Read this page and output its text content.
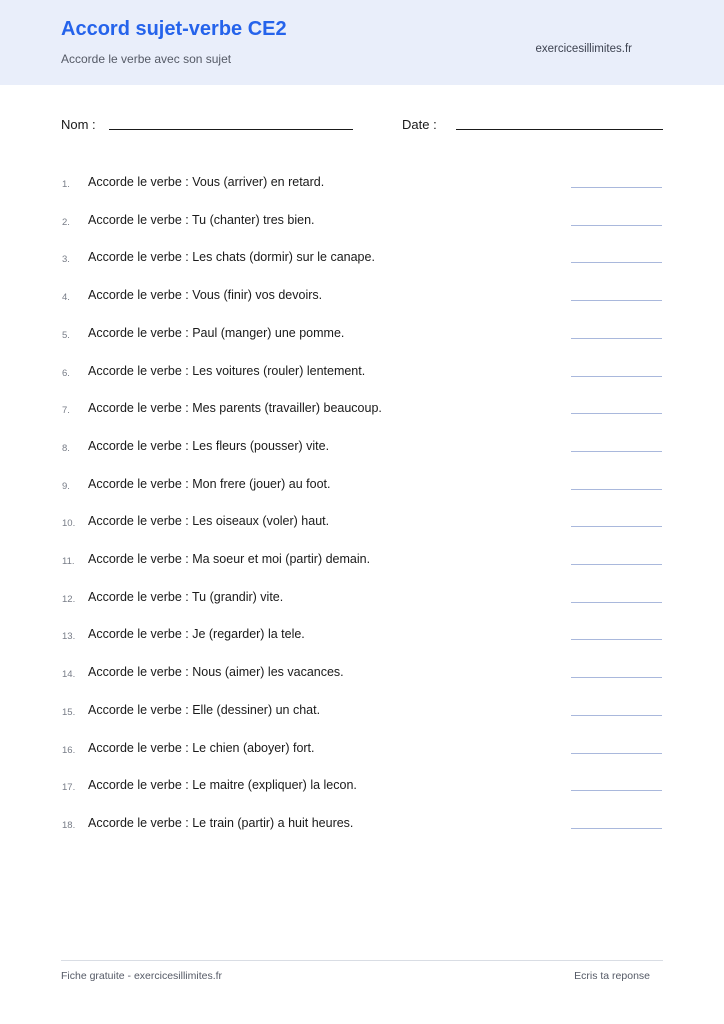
Accord sujet-verbe CE2
Accorde le verbe avec son sujet
exercicesillimites.fr
Nom :	Date :
1. Accorde le verbe : Vous (arriver) en retard.
2. Accorde le verbe : Tu (chanter) tres bien.
3. Accorde le verbe : Les chats (dormir) sur le canape.
4. Accorde le verbe : Vous (finir) vos devoirs.
5. Accorde le verbe : Paul (manger) une pomme.
6. Accorde le verbe : Les voitures (rouler) lentement.
7. Accorde le verbe : Mes parents (travailler) beaucoup.
8. Accorde le verbe : Les fleurs (pousser) vite.
9. Accorde le verbe : Mon frere (jouer) au foot.
10. Accorde le verbe : Les oiseaux (voler) haut.
11. Accorde le verbe : Ma soeur et moi (partir) demain.
12. Accorde le verbe : Tu (grandir) vite.
13. Accorde le verbe : Je (regarder) la tele.
14. Accorde le verbe : Nous (aimer) les vacances.
15. Accorde le verbe : Elle (dessiner) un chat.
16. Accorde le verbe : Le chien (aboyer) fort.
17. Accorde le verbe : Le maitre (expliquer) la lecon.
18. Accorde le verbe : Le train (partir) a huit heures.
Fiche gratuite - exercicesillimites.fr	Ecris ta reponse
